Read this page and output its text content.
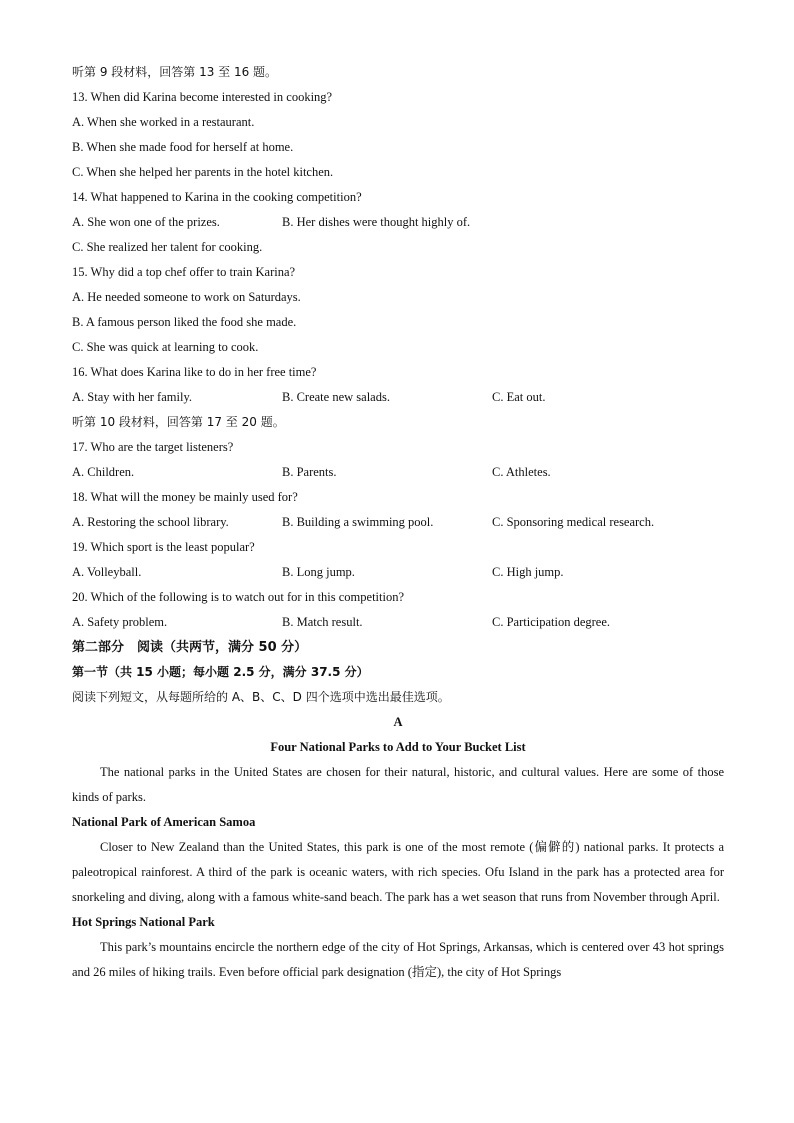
听第 9 段材料，回答第 13 至 16 题。
13. When did Karina become interested in cooking?
A. When she worked in a restaurant.
B. When she made food for herself at home.
C. When she helped her parents in the hotel kitchen.
14. What happened to Karina in the cooking competition?
A. She won one of the prizes.	B. Her dishes were thought highly of.
C. She realized her talent for cooking.
15. Why did a top chef offer to train Karina?
A. He needed someone to work on Saturdays.
B. A famous person liked the food she made.
C. She was quick at learning to cook.
16. What does Karina like to do in her free time?
A. Stay with her family.	B. Create new salads.	C. Eat out.
听第 10 段材料，回答第 17 至 20 题。
17. Who are the target listeners?
A. Children.	B. Parents.	C. Athletes.
18. What will the money be mainly used for?
A. Restoring the school library.	B. Building a swimming pool.	C. Sponsoring medical research.
19. Which sport is the least popular?
A. Volleyball.	B. Long jump.	C. High jump.
20. Which of the following is to watch out for in this competition?
A. Safety problem.	B. Match result.	C. Participation degree.
第二部分　阅读（共两节，满分 50 分）
第一节（共 15 小题；每小题 2.5 分，满分 37.5 分）
阅读下列短文，从每题所给的 A、B、C、D 四个选项中选出最佳选项。
A
Four National Parks to Add to Your Bucket List
The national parks in the United States are chosen for their natural, historic, and cultural values. Here are some of those kinds of parks.
National Park of American Samoa
Closer to New Zealand than the United States, this park is one of the most remote (偏僻的) national parks. It protects a paleotropical rainforest. A third of the park is oceanic waters, with rich species. Ofu Island in the park has a protected area for snorkeling and diving, along with a famous white-sand beach. The park has a wet season that runs from November through April.
Hot Springs National Park
This park’s mountains encircle the northern edge of the city of Hot Springs, Arkansas, which is centered over 43 hot springs and 26 miles of hiking trails. Even before official park designation (指定), the city of Hot Springs
